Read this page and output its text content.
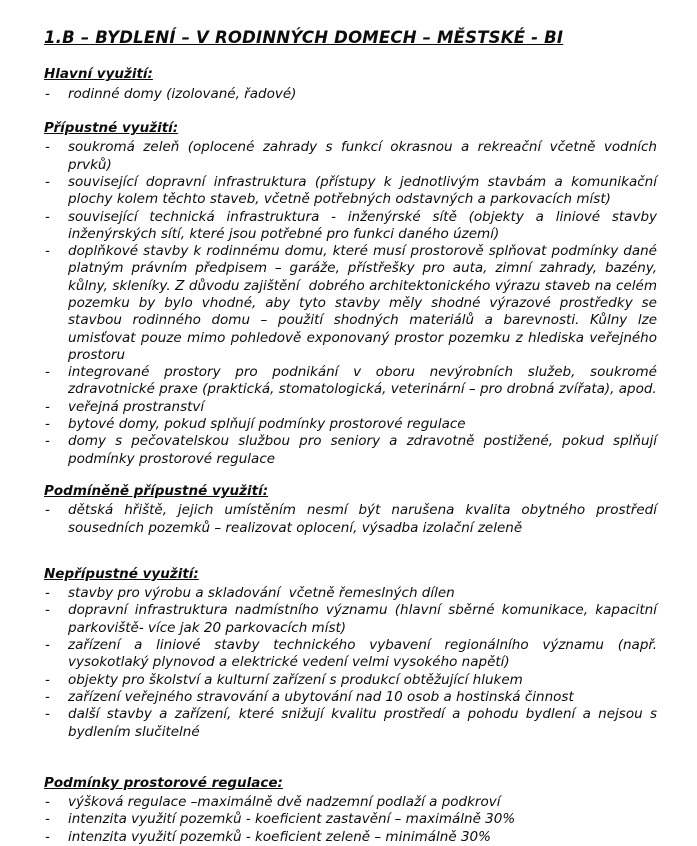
1.B – BYDLENÍ – V RODINNÝCH DOMECH – MĚSTSKÉ - BI
Hlavní využití:
- rodinné domy (izolované, řadové)
Přípustné využití:
- soukromá zeleň (oplocené zahrady s funkcí okrasnou a rekreační včetně vodních prvků)
- související dopravní infrastruktura (přístupy k jednotlivým stavbám a komunikační plochy kolem těchto staveb, včetně potřebných odstavných a parkovacích míst)
- související technická infrastruktura - inženýrské sítě (objekty a liniové stavby inženýrských sítí, které jsou potřebné pro funkci daného území)
- doplňkové stavby k rodinnému domu, které musí prostorově splňovat podmínky dané platným právním předpisem – garáže, přístřešky pro auta, zimní zahrady, bazény, kůlny, skleníky. Z důvodu zajištění  dobrého architektonického výrazu staveb na celém pozemku by bylo vhodné, aby tyto stavby měly shodné výrazové prostředky se stavbou rodinného domu – použití shodných materiálů a barevnosti. Kůlny lze umisťovat pouze mimo pohledově exponovaný prostor pozemku z hlediska veřejného prostoru
- integrované prostory pro podnikání v oboru nevýrobních služeb, soukromé zdravotnické praxe (praktická, stomatologická, veterinární – pro drobná zvířata), apod.
- veřejná prostranství
- bytové domy, pokud splňují podmínky prostorové regulace
- domy s pečovatelskou službou pro seniory a zdravotně postižené, pokud splňují podmínky prostorové regulace
Podmíněně přípustné využití:
- dětská hřiště, jejich umístěním nesmí být narušena kvalita obytného prostředí sousedních pozemků – realizovat oplocení, výsadba izolační zeleně
Nepřípustné využití:
- stavby pro výrobu a skladování  včetně řemeslných dílen
- dopravní infrastruktura nadmístního významu (hlavní sběrné komunikace, kapacitní parkoviště- více jak 20 parkovacích míst)
- zařízení a liniové stavby technického vybavení regionálního významu (např. vysokotlaký plynovod a elektrické vedení velmi vysokého napětí)
- objekty pro školství a kulturní zařízení s produkcí obtěžující hlukem
- zařízení veřejného stravování a ubytování nad 10 osob a hostinská činnost
- další stavby a zařízení, které snižují kvalitu prostředí a pohodu bydlení a nejsou s bydlením slučitelné
Podmínky prostorové regulace:
- výšková regulace –maximálně dvě nadzemní podlaží a podkroví
- intenzita využití pozemků - koeficient zastavění – maximálně 30%
- intenzita využití pozemků - koeficient zeleně – minimálně 30%
